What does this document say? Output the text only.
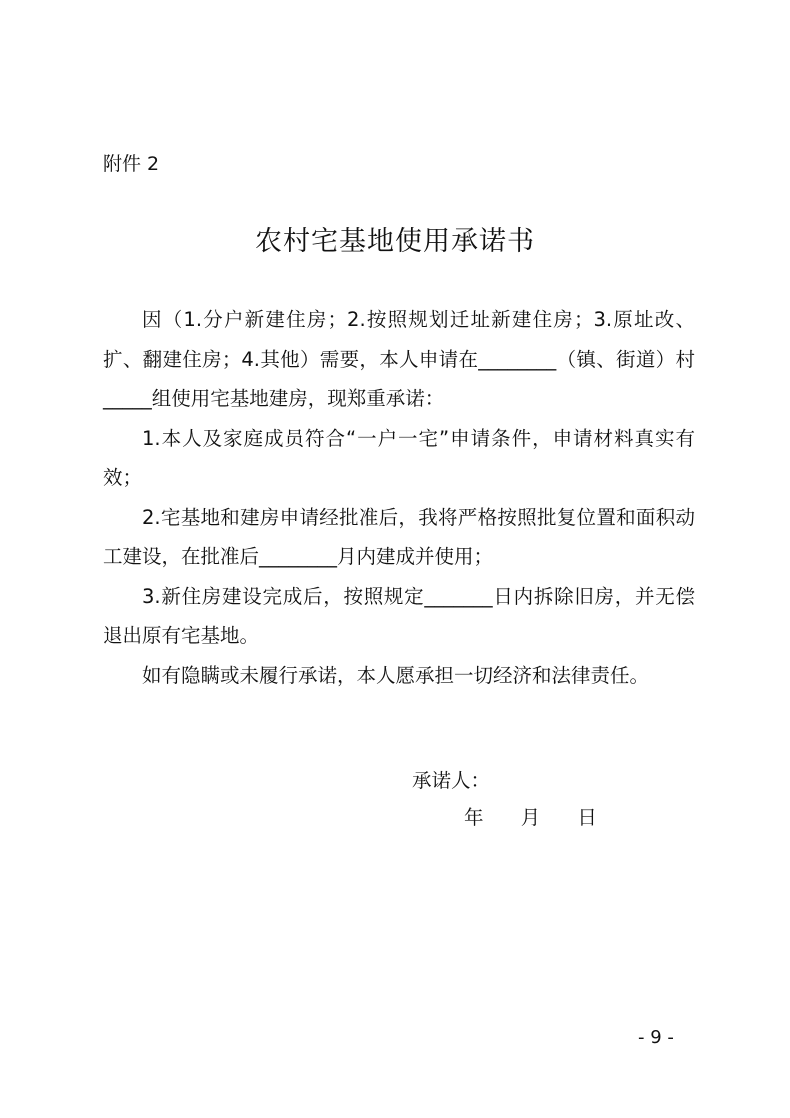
附件 2
农村宅基地使用承诺书

因（1.分户新建住房；2.按照规划迁址新建住房；3.原址改、扩、翻建住房；4.其他）需要，本人申请在________（镇、街道）村_____组使用宅基地建房，现郑重承诺：

1.本人及家庭成员符合“一户一宅”申请条件，申请材料真实有效；

2.宅基地和建房申请经批准后，我将严格按照批复位置和面积动工建设，在批准后________月内建成并使用；

3.新住房建设完成后，按照规定_______日内拆除旧房，并无偿退出原有宅基地。

如有隐瞒或未履行承诺，本人愿承担一切经济和法律责任。

承诺人：
年      月      日
- 9 -
